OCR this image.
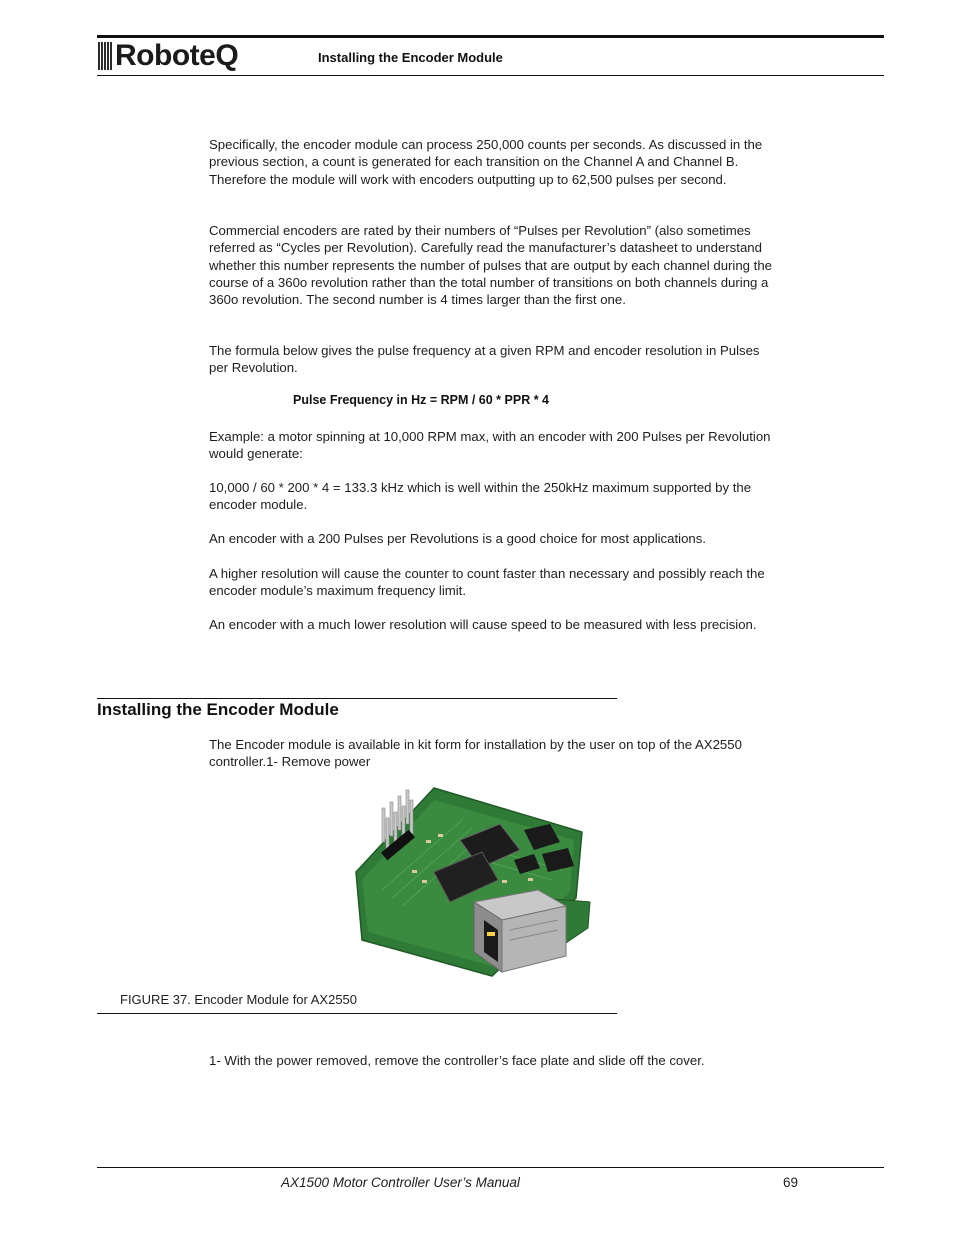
RoboteQ	Installing the Encoder Module

Specifically, the encoder module can process 250,000 counts per seconds. As discussed in the previous section, a count is generated for each transition on the Channel A and Channel B. Therefore the module will work with encoders outputting up to 62,500 pulses per second.

Commercial encoders are rated by their numbers of “Pulses per Revolution” (also sometimes referred as “Cycles per Revolution). Carefully read the manufacturer’s datasheet to understand whether this number represents the number of pulses that are output by each channel during the course of a 360o revolution rather than the total number of transitions on both channels during a 360o revolution. The second number is 4 times larger than the first one.

The formula below gives the pulse frequency at a given RPM and encoder resolution in Pulses per Revolution.

Pulse Frequency in Hz = RPM / 60 * PPR * 4

Example: a motor spinning at 10,000 RPM max, with an encoder with 200 Pulses per Revolution would generate:

10,000 / 60 * 200 * 4 = 133.3 kHz which is well within the 250kHz maximum supported by the encoder module.

An encoder with a 200 Pulses per Revolutions is a good choice for most applications.

A higher resolution will cause the counter to count faster than necessary and possibly reach the encoder module’s maximum frequency limit.

An encoder with a much lower resolution will cause speed to be measured with less precision.

Installing the Encoder Module

The Encoder module is available in kit form for installation by the user on top of the AX2550 controller.1- Remove power

FIGURE 37. Encoder Module for AX2550

1- With the power removed, remove the controller’s face plate and slide off the cover.

AX1500 Motor Controller User’s Manual	69
